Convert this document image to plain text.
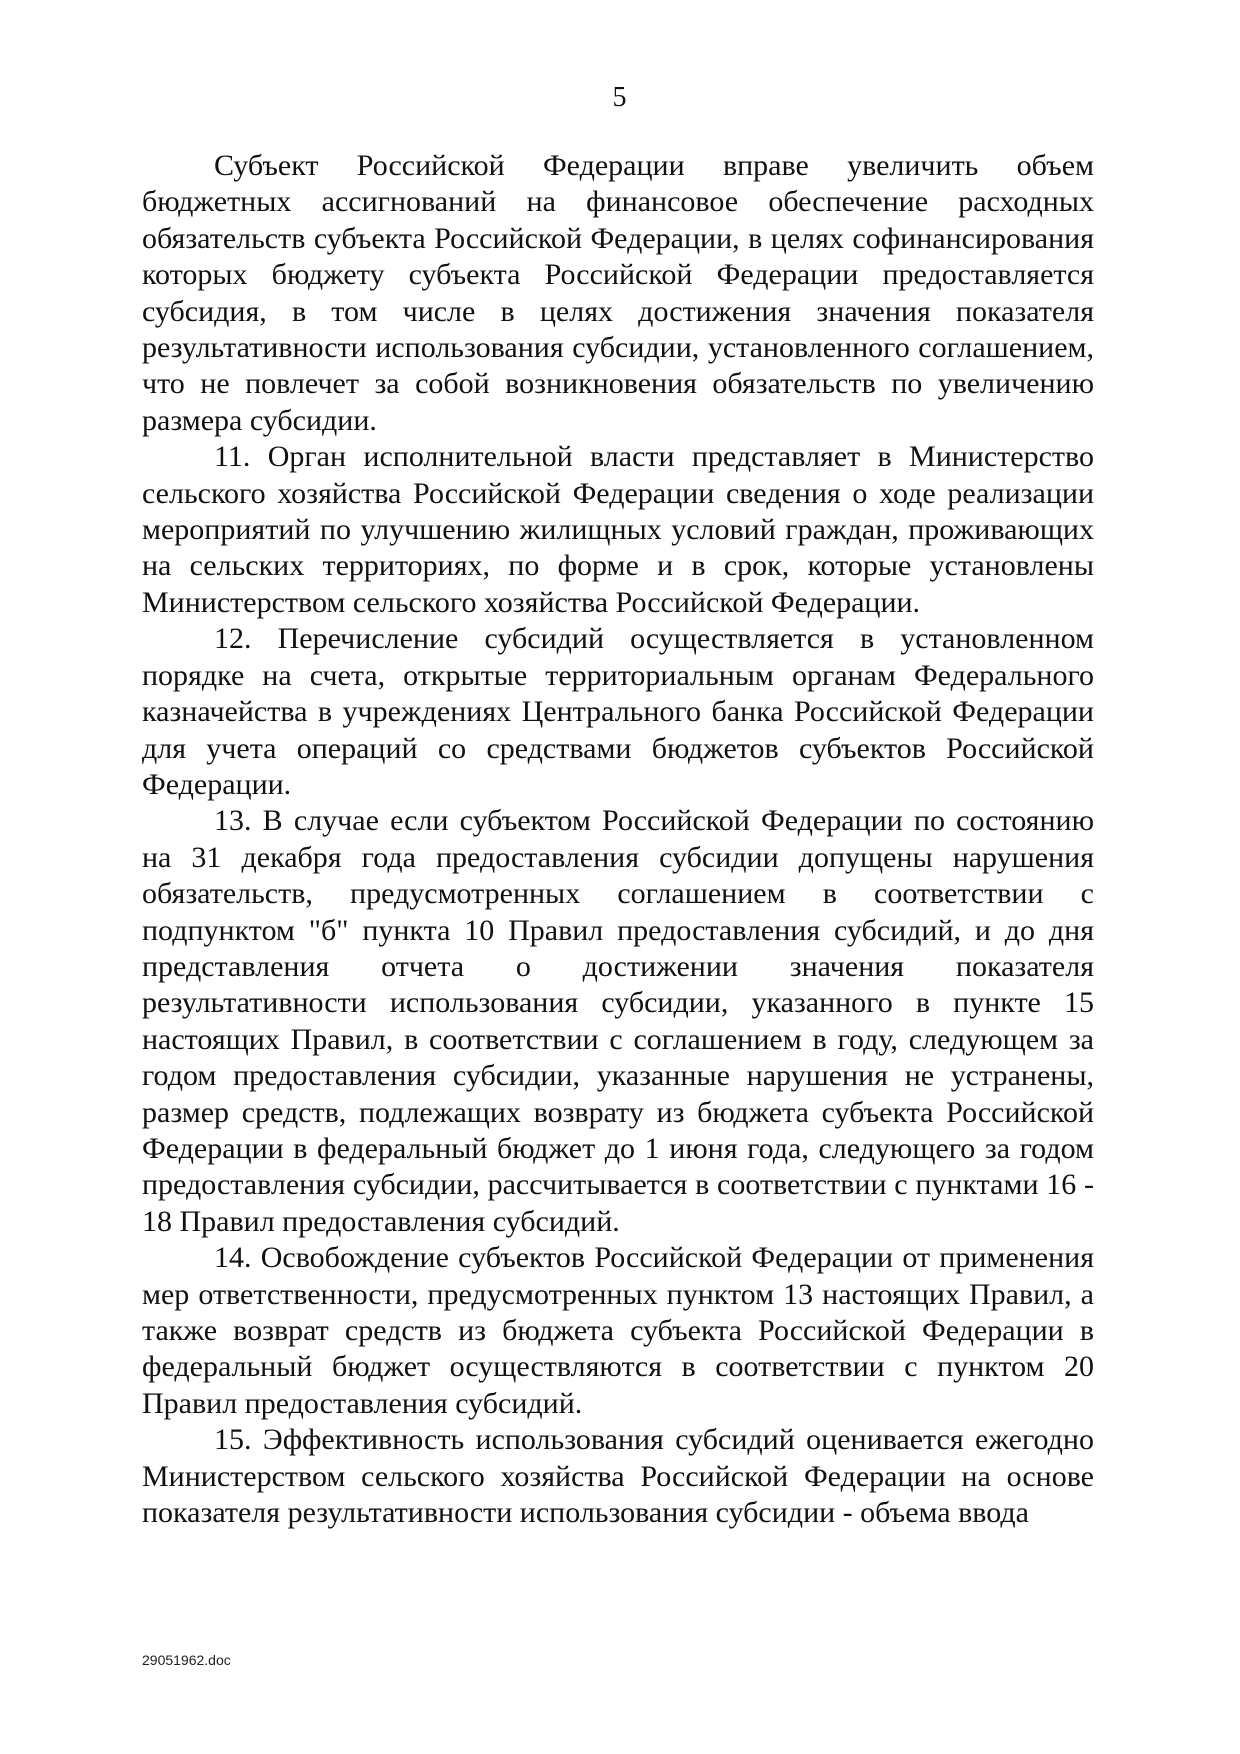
5

Субъект Российской Федерации вправе увеличить объем бюджетных ассигнований на финансовое обеспечение расходных обязательств субъекта Российской Федерации, в целях софинансирования которых бюджету субъекта Российской Федерации предоставляется субсидия, в том числе в целях достижения значения показателя результативности использования субсидии, установленного соглашением, что не повлечет за собой возникновения обязательств по увеличению размера субсидии.

11. Орган исполнительной власти представляет в Министерство сельского хозяйства Российской Федерации сведения о ходе реализации мероприятий по улучшению жилищных условий граждан, проживающих на сельских территориях, по форме и в срок, которые установлены Министерством сельского хозяйства Российской Федерации.

12. Перечисление субсидий осуществляется в установленном порядке на счета, открытые территориальным органам Федерального казначейства в учреждениях Центрального банка Российской Федерации для учета операций со средствами бюджетов субъектов Российской Федерации.

13. В случае если субъектом Российской Федерации по состоянию на 31 декабря года предоставления субсидии допущены нарушения обязательств, предусмотренных соглашением в соответствии с подпунктом "б" пункта 10 Правил предоставления субсидий, и до дня представления отчета о достижении значения показателя результативности использования субсидии, указанного в пункте 15 настоящих Правил, в соответствии с соглашением в году, следующем за годом предоставления субсидии, указанные нарушения не устранены, размер средств, подлежащих возврату из бюджета субъекта Российской Федерации в федеральный бюджет до 1 июня года, следующего за годом предоставления субсидии, рассчитывается в соответствии с пунктами 16 - 18 Правил предоставления субсидий.

14. Освобождение субъектов Российской Федерации от применения мер ответственности, предусмотренных пунктом 13 настоящих Правил, а также возврат средств из бюджета субъекта Российской Федерации в федеральный бюджет осуществляются в соответствии с пунктом 20 Правил предоставления субсидий.

15. Эффективность использования субсидий оценивается ежегодно Министерством сельского хозяйства Российской Федерации на основе показателя результативности использования субсидии - объема ввода

29051962.doc
